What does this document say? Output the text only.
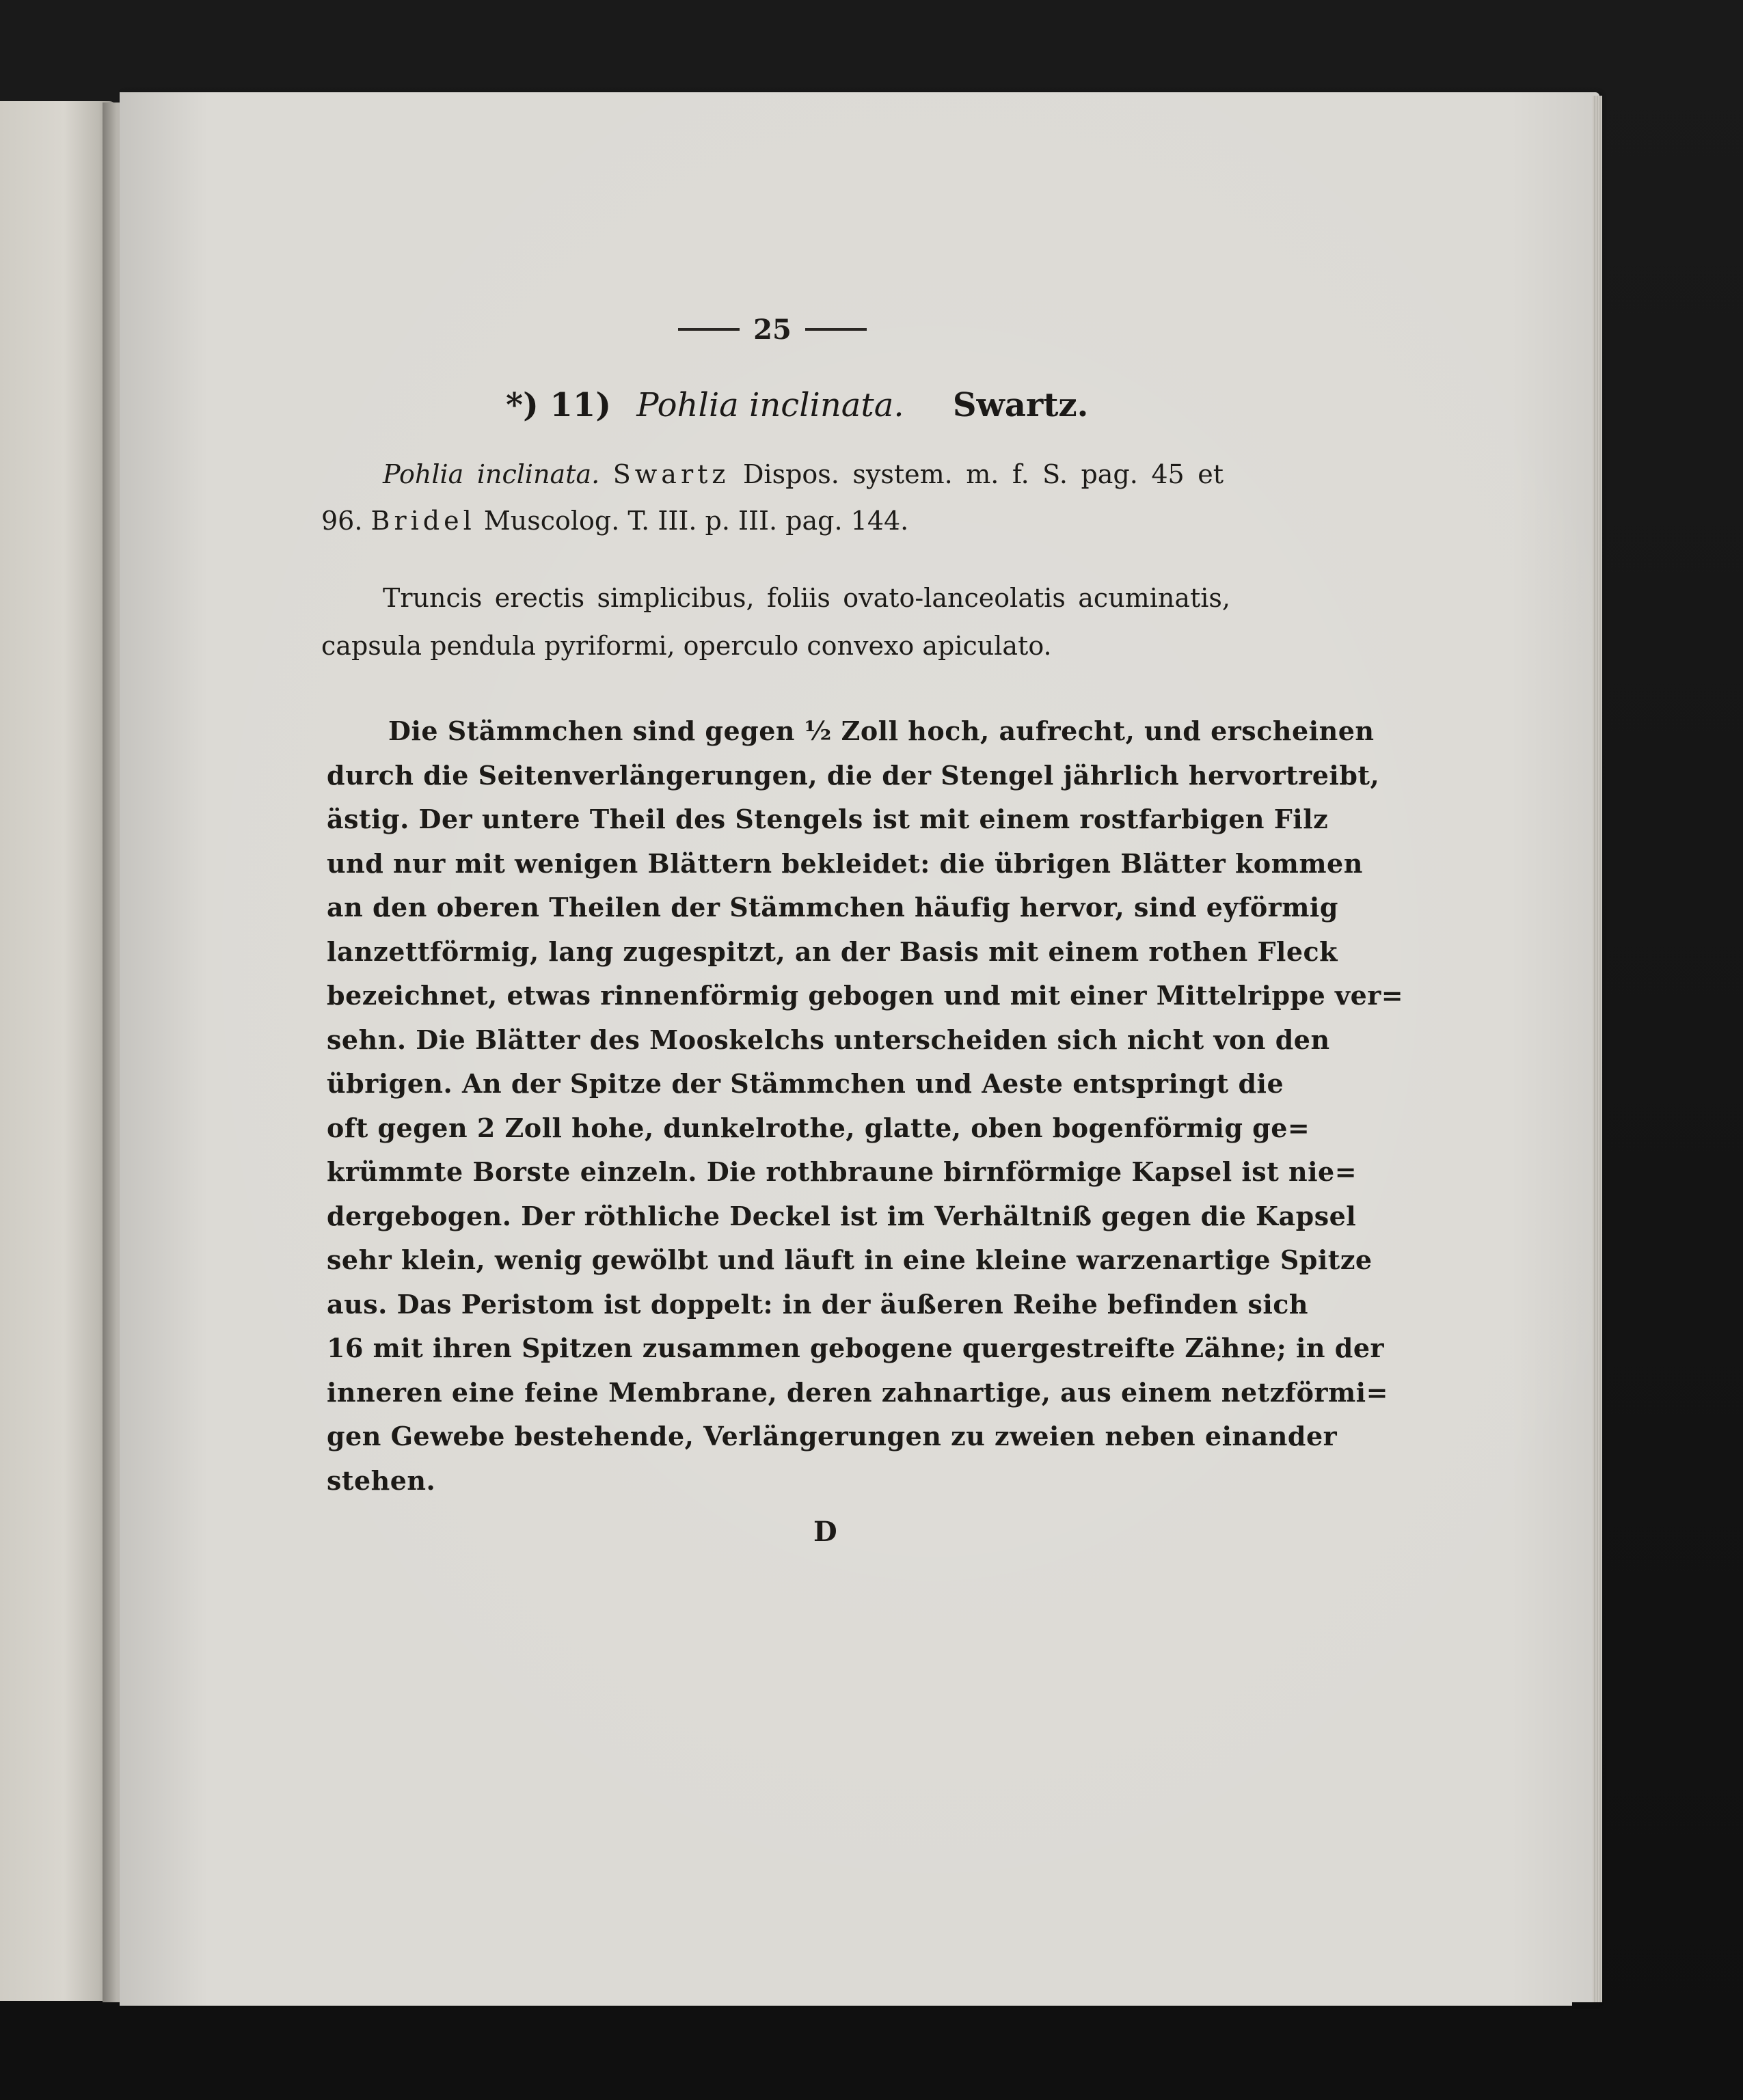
25
*) 11) Pohlia inclinata. Swartz.
Pohlia inclinata. Swartz Dispos. system. m. f. S. pag. 45 et
96. Bridel Muscolog. T. III. p. III. pag. 144.
Truncis erectis simplicibus, foliis ovato-lanceolatis acuminatis,
capsula pendula pyriformi, operculo convexo apiculato.
Die Stämmchen sind gegen ½ Zoll hoch, aufrecht, und erscheinen
durch die Seitenverlängerungen, die der Stengel jährlich hervortreibt,
ästig. Der untere Theil des Stengels ist mit einem rostfarbigen Filz
und nur mit wenigen Blättern bekleidet: die übrigen Blätter kommen
an den oberen Theilen der Stämmchen häufig hervor, sind eyförmig
lanzettförmig, lang zugespitzt, an der Basis mit einem rothen Fleck
bezeichnet, etwas rinnenförmig gebogen und mit einer Mittelrippe ver=
sehn. Die Blätter des Mooskelchs unterscheiden sich nicht von den
übrigen. An der Spitze der Stämmchen und Aeste entspringt die
oft gegen 2 Zoll hohe, dunkelrothe, glatte, oben bogenförmig ge=
krümmte Borste einzeln. Die rothbraune birnförmige Kapsel ist nie=
dergebogen. Der röthliche Deckel ist im Verhältniß gegen die Kapsel
sehr klein, wenig gewölbt und läuft in eine kleine warzenartige Spitze
aus. Das Peristom ist doppelt: in der äußeren Reihe befinden sich
16 mit ihren Spitzen zusammen gebogene quergestreifte Zähne; in der
inneren eine feine Membrane, deren zahnartige, aus einem netzförmi=
gen Gewebe bestehende, Verlängerungen zu zweien neben einander
stehen.
D
